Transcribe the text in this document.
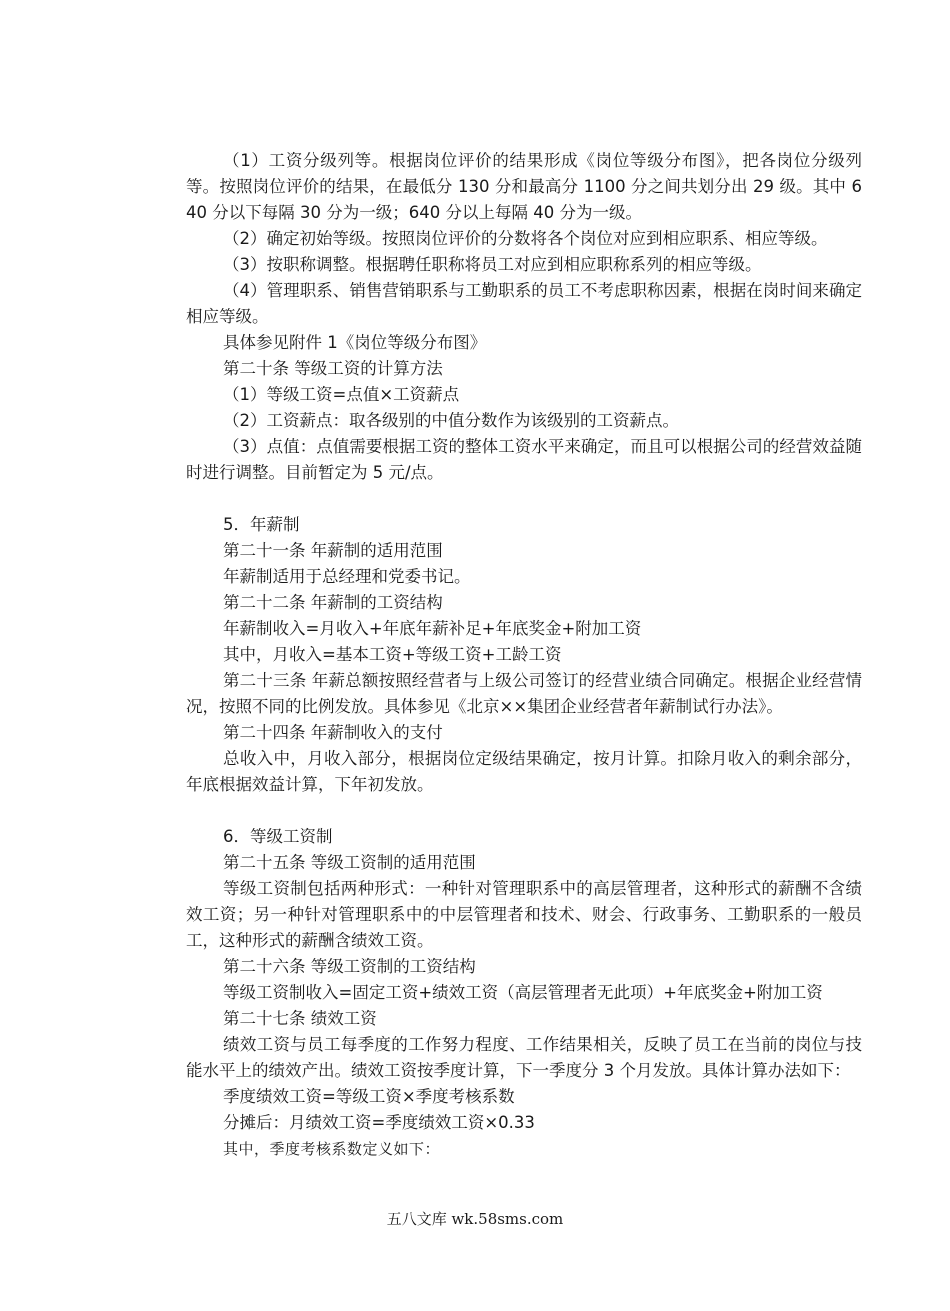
（1）工资分级列等。根据岗位评价的结果形成《岗位等级分布图》，把各岗位分级列等。按照岗位评价的结果，在最低分 130 分和最高分 1100 分之间共划分出 29 级。其中 640 分以下每隔 30 分为一级；640 分以上每隔 40 分为一级。

（2）确定初始等级。按照岗位评价的分数将各个岗位对应到相应职系、相应等级。

（3）按职称调整。根据聘任职称将员工对应到相应职称系列的相应等级。

（4）管理职系、销售营销职系与工勤职系的员工不考虑职称因素，根据在岗时间来确定相应等级。

具体参见附件 1《岗位等级分布图》

第二十条 等级工资的计算方法

（1）等级工资=点值×工资薪点

（2）工资薪点：取各级别的中值分数作为该级别的工资薪点。

（3）点值：点值需要根据工资的整体工资水平来确定，而且可以根据公司的经营效益随时进行调整。目前暂定为 5 元/点。

5．年薪制

第二十一条 年薪制的适用范围

年薪制适用于总经理和党委书记。

第二十二条 年薪制的工资结构

年薪制收入=月收入+年底年薪补足+年底奖金+附加工资

其中，月收入=基本工资+等级工资+工龄工资

第二十三条 年薪总额按照经营者与上级公司签订的经营业绩合同确定。根据企业经营情况，按照不同的比例发放。具体参见《北京××集团企业经营者年薪制试行办法》。

第二十四条 年薪制收入的支付

总收入中，月收入部分，根据岗位定级结果确定，按月计算。扣除月收入的剩余部分，年底根据效益计算，下年初发放。

6．等级工资制

第二十五条 等级工资制的适用范围

等级工资制包括两种形式：一种针对管理职系中的高层管理者，这种形式的薪酬不含绩效工资；另一种针对管理职系中的中层管理者和技术、财会、行政事务、工勤职系的一般员工，这种形式的薪酬含绩效工资。

第二十六条 等级工资制的工资结构

等级工资制收入=固定工资+绩效工资（高层管理者无此项）+年底奖金+附加工资

第二十七条 绩效工资

绩效工资与员工每季度的工作努力程度、工作结果相关，反映了员工在当前的岗位与技能水平上的绩效产出。绩效工资按季度计算，下一季度分 3 个月发放。具体计算办法如下：

季度绩效工资=等级工资×季度考核系数

分摊后：月绩效工资=季度绩效工资×0.33

其中，季度考核系数定义如下：

五八文库 wk.58sms.com
